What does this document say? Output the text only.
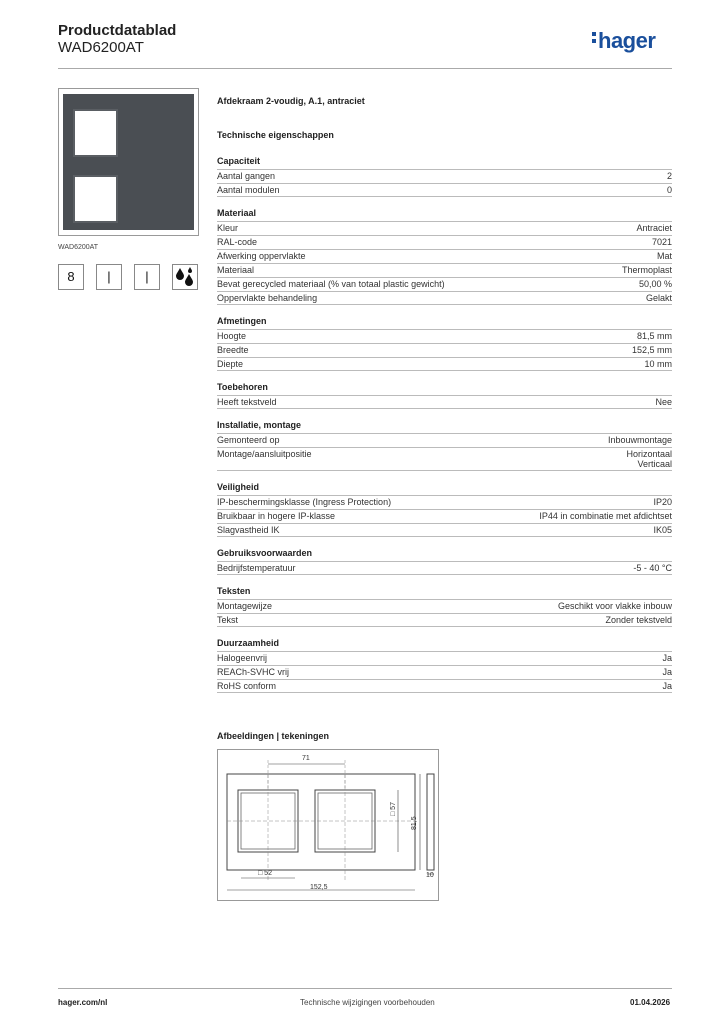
Productdatablad
WAD6200AT	hager
WAD6200AT
8	|	|
Afdekraam 2-voudig, A.1, antraciet
Technische eigenschappen
Capaciteit
Aantal gangen	2
Aantal modulen	0
Materiaal
Kleur	Antraciet
RAL-code	7021
Afwerking oppervlakte	Mat
Materiaal	Thermoplast
Bevat gerecycled materiaal (% van totaal plastic gewicht)	50,00 %
Oppervlakte behandeling	Gelakt
Afmetingen
Hoogte	81,5 mm
Breedte	152,5 mm
Diepte	10 mm
Toebehoren
Heeft tekstveld	Nee
Installatie, montage
Gemonteerd op	Inbouwmontage
Montage/aansluitpositie	Horizontaal
Verticaal
Veiligheid
IP-beschermingsklasse (Ingress Protection)	IP20
Bruikbaar in hogere IP-klasse	IP44 in combinatie met afdichtset
Slagvastheid IK	IK05
Gebruiksvoorwaarden
Bedrijfstemperatuur	-5 - 40 °C
Teksten
Montagewijze	Geschikt voor vlakke inbouw
Tekst	Zonder tekstveld
Duurzaamheid
Halogeenvrij	Ja
REACh-SVHC vrij	Ja
RoHS conform	Ja
Afbeeldingen | tekeningen
71
□ 57
81,5
□ 52
152,5
10
hager.com/nl	Technische wijzigingen voorbehouden	01.04.2026
